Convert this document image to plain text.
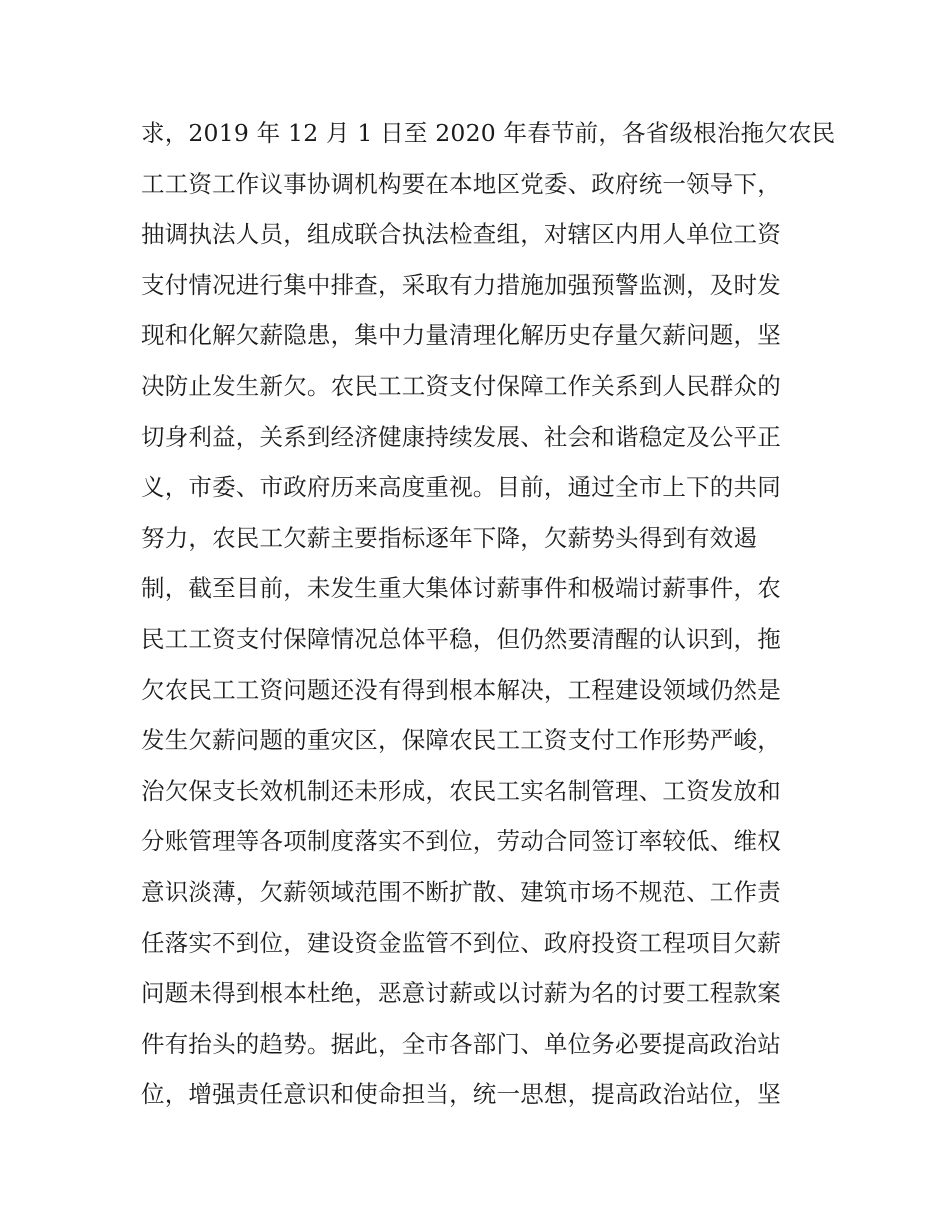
求，2019 年 12 月 1 日至 2020 年春节前，各省级根治拖欠农民
工工资工作议事协调机构要在本地区党委、政府统一领导下，
抽调执法人员，组成联合执法检查组，对辖区内用人单位工资
支付情况进行集中排查，采取有力措施加强预警监测，及时发
现和化解欠薪隐患，集中力量清理化解历史存量欠薪问题，坚
决防止发生新欠。农民工工资支付保障工作关系到人民群众的
切身利益，关系到经济健康持续发展、社会和谐稳定及公平正
义，市委、市政府历来高度重视。目前，通过全市上下的共同
努力，农民工欠薪主要指标逐年下降，欠薪势头得到有效遏
制，截至目前，未发生重大集体讨薪事件和极端讨薪事件，农
民工工资支付保障情况总体平稳，但仍然要清醒的认识到，拖
欠农民工工资问题还没有得到根本解决，工程建设领域仍然是
发生欠薪问题的重灾区，保障农民工工资支付工作形势严峻，
治欠保支长效机制还未形成，农民工实名制管理、工资发放和
分账管理等各项制度落实不到位，劳动合同签订率较低、维权
意识淡薄，欠薪领域范围不断扩散、建筑市场不规范、工作责
任落实不到位，建设资金监管不到位、政府投资工程项目欠薪
问题未得到根本杜绝，恶意讨薪或以讨薪为名的讨要工程款案
件有抬头的趋势。据此，全市各部门、单位务必要提高政治站
位，增强责任意识和使命担当，统一思想，提高政治站位，坚
